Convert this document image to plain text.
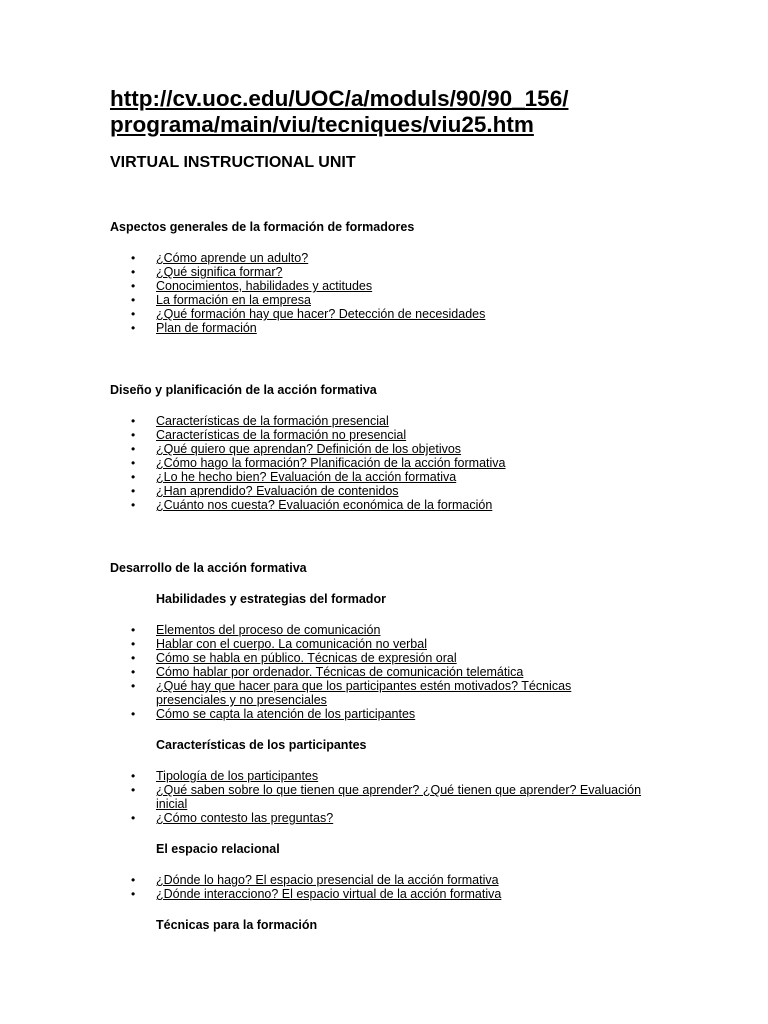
http://cv.uoc.edu/UOC/a/moduls/90/90_156/
programa/main/viu/tecniques/viu25.htm
VIRTUAL INSTRUCTIONAL UNIT
Aspectos generales de la formación de formadores
• ¿Cómo aprende un adulto?
• ¿Qué significa formar?
• Conocimientos, habilidades y actitudes
• La formación en la empresa
• ¿Qué formación hay que hacer? Detección de necesidades
• Plan de formación
Diseño y planificación de la acción formativa
• Características de la formación presencial
• Características de la formación no presencial
• ¿Qué quiero que aprendan? Definición de los objetivos
• ¿Cómo hago la formación? Planificación de la acción formativa
• ¿Lo he hecho bien? Evaluación de la acción formativa
• ¿Han aprendido? Evaluación de contenidos
• ¿Cuánto nos cuesta? Evaluación económica de la formación
Desarrollo de la acción formativa
Habilidades y estrategias del formador
• Elementos del proceso de comunicación
• Hablar con el cuerpo. La comunicación no verbal
• Cómo se habla en público. Técnicas de expresión oral
• Cómo hablar por ordenador. Técnicas de comunicación telemática
• ¿Qué hay que hacer para que los participantes estén motivados? Técnicas presenciales y no presenciales
• Cómo se capta la atención de los participantes
Características de los participantes
• Tipología de los participantes
• ¿Qué saben sobre lo que tienen que aprender? ¿Qué tienen que aprender? Evaluación inicial
• ¿Cómo contesto las preguntas?
El espacio relacional
• ¿Dónde lo hago? El espacio presencial de la acción formativa
• ¿Dónde interacciono? El espacio virtual de la acción formativa
Técnicas para la formación
